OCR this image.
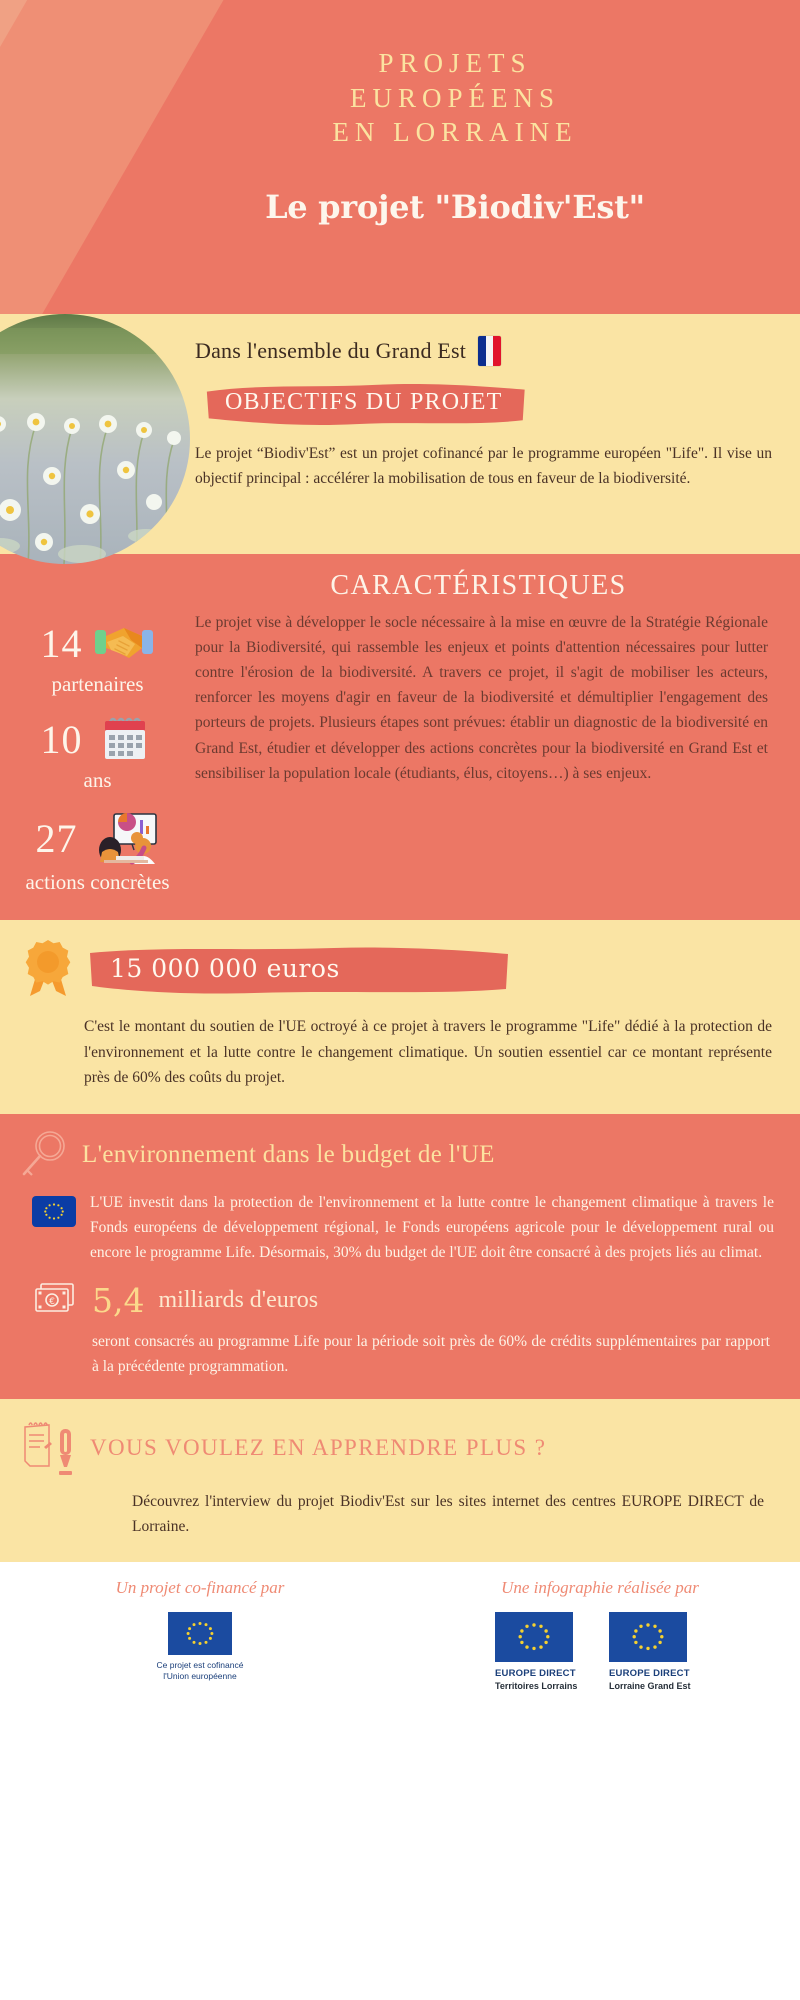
PROJETS
EUROPÉENS
EN LORRAINE
Le projet "Biodiv'Est"
Dans l'ensemble du Grand Est
OBJECTIFS DU PROJET

Le projet “Biodiv'Est” est un projet cofinancé par le programme européen "Life". Il vise un objectif principal : accélérer la mobilisation de tous en faveur de la biodiversité.

CARACTÉRISTIQUES
14
partenaires
10
ans
27
actions concrètes

Le projet vise à développer le socle nécessaire à la mise en œuvre de la Stratégie Régionale pour la Biodiversité, qui rassemble les enjeux et points d'attention nécessaires pour lutter contre l'érosion de la biodiversité. A travers ce projet, il s'agit de mobiliser les acteurs, renforcer les moyens d'agir en faveur de la biodiversité et démultiplier l'engagement des porteurs de projets. Plusieurs étapes sont prévues: établir un diagnostic de la biodiversité en Grand Est, étudier et développer des actions concrètes pour la biodiversité en Grand Est et sensibiliser la population locale (étudiants, élus, citoyens…) à ses enjeux.

15 000 000 euros

C'est le montant du soutien de l'UE octroyé à ce projet à travers le programme "Life" dédié à la protection de l'environnement et la lutte contre le changement climatique. Un soutien essentiel car ce montant représente près de 60% des coûts du projet.

L'environnement dans le budget de l'UE

L'UE investit dans la protection de l'environnement et la lutte contre le changement climatique à travers le Fonds européens de développement régional, le Fonds européens agricole pour le développement rural ou encore le programme Life. Désormais, 30% du budget de l'UE doit être consacré à des projets liés au climat.

€ 5,4 milliards d'euros

seront consacrés au programme Life pour la période soit près de 60% de crédits supplémentaires par rapport à la précédente programmation.

VOUS VOULEZ EN APPRENDRE PLUS ?

Découvrez l'interview du projet Biodiv'Est sur les sites internet des centres EUROPE DIRECT de Lorraine.

Un projet co-financé par
Ce projet est cofinancé
l'Union européenne
Une infographie réalisée par
EUROPE DIRECT
Territoires Lorrains
EUROPE DIRECT
Lorraine Grand Est
